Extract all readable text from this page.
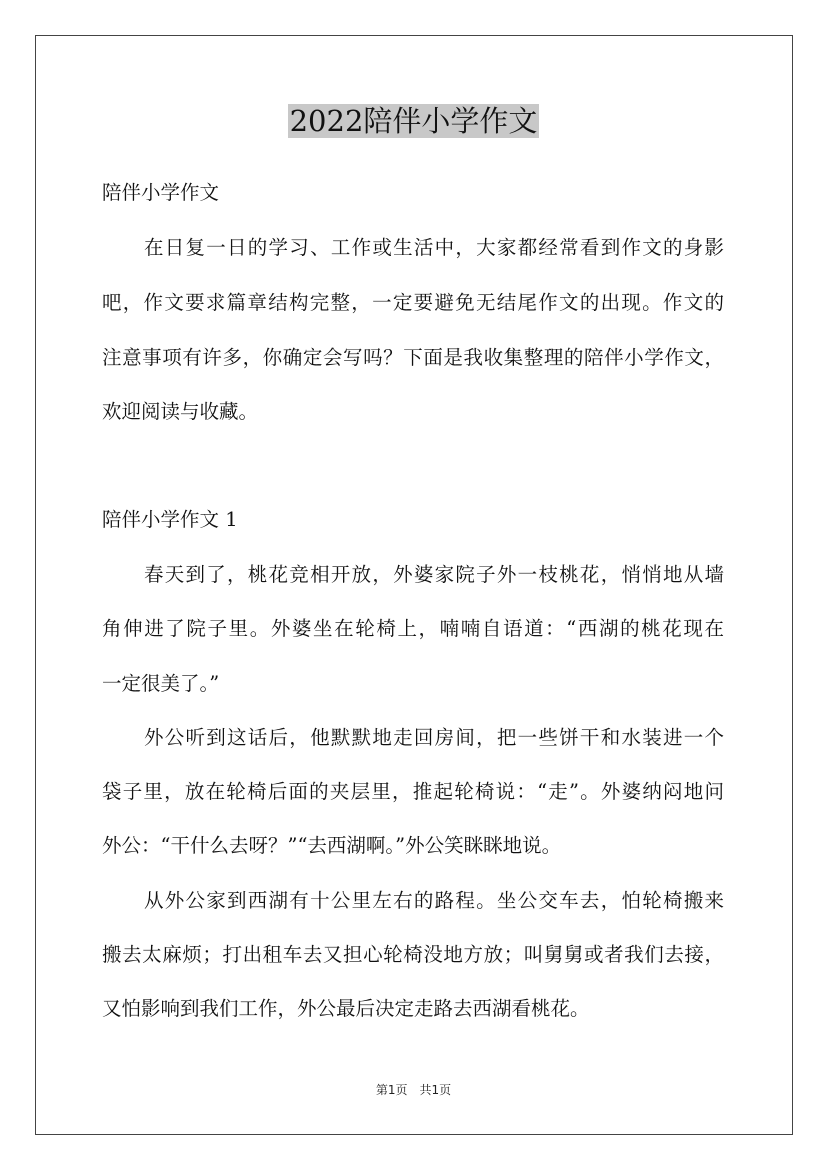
2022陪伴小学作文
陪伴小学作文
在日复一日的学习、工作或生活中，大家都经常看到作文的身影
吧，作文要求篇章结构完整，一定要避免无结尾作文的出现。作文的
注意事项有许多，你确定会写吗？下面是我收集整理的陪伴小学作文，
欢迎阅读与收藏。
陪伴小学作文 1
春天到了，桃花竞相开放，外婆家院子外一枝桃花，悄悄地从墙
角伸进了院子里。外婆坐在轮椅上，喃喃自语道：“西湖的桃花现在
一定很美了。”
外公听到这话后，他默默地走回房间，把一些饼干和水装进一个
袋子里，放在轮椅后面的夹层里，推起轮椅说：“走”。外婆纳闷地问
外公：“干什么去呀？”“去西湖啊。”外公笑眯眯地说。
从外公家到西湖有十公里左右的路程。坐公交车去，怕轮椅搬来
搬去太麻烦；打出租车去又担心轮椅没地方放；叫舅舅或者我们去接，
又怕影响到我们工作，外公最后决定走路去西湖看桃花。
第1页　共1页
